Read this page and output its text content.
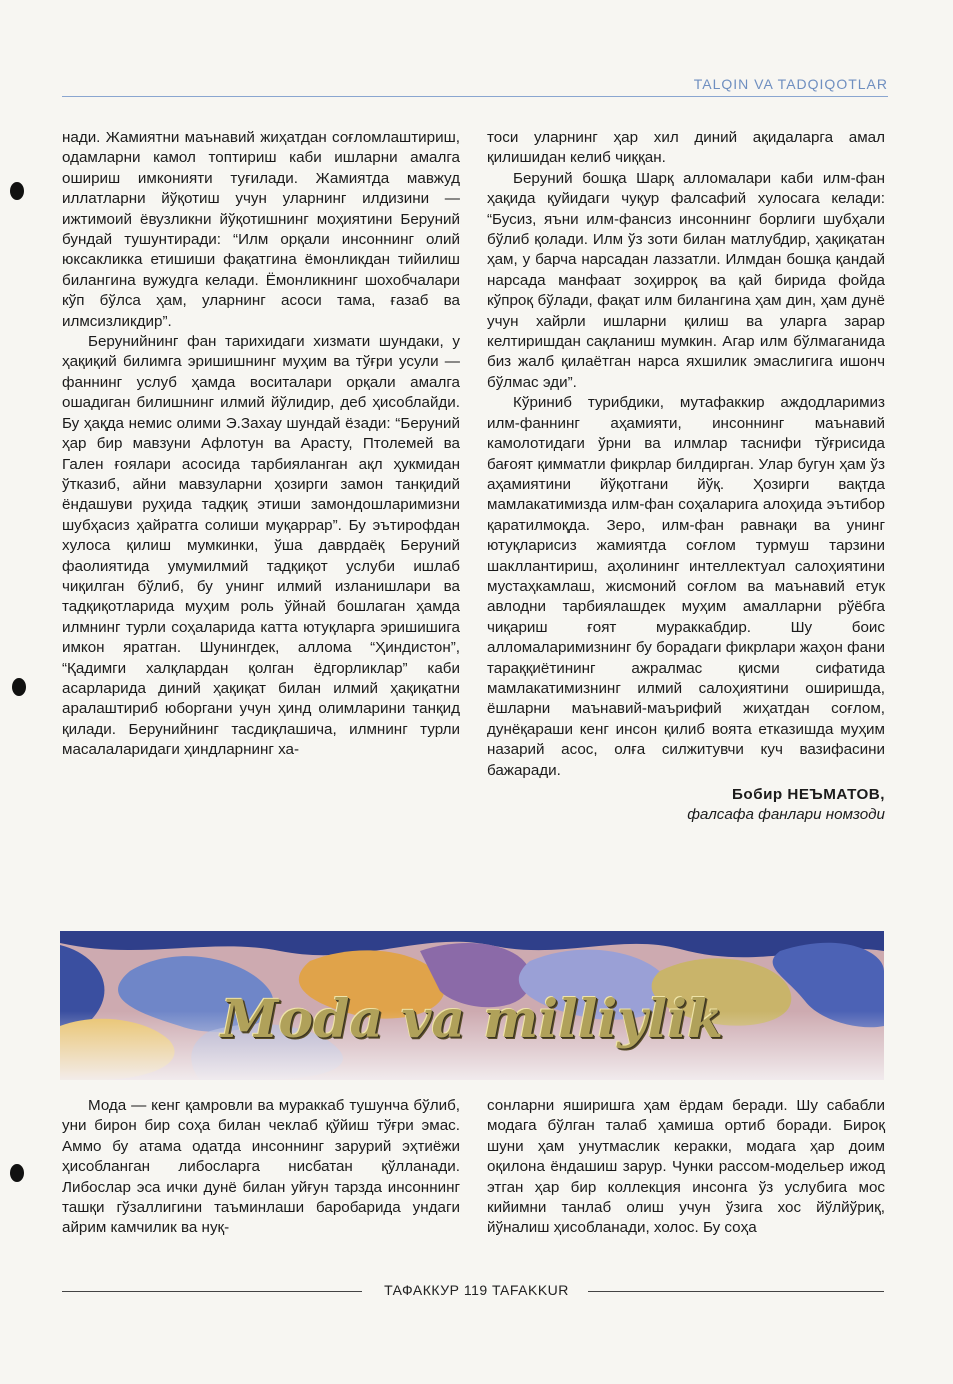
TALQIN VA TADQIQOTLAR

нади. Жамиятни маънавий жиҳатдан соғломлаштириш, одамларни камол топтириш каби ишларни амалга ошириш имконияти туғилади. Жамиятда мавжуд иллатларни йўқотиш учун уларнинг илдизини — ижтимоий ёвузликни йўқотишнинг моҳиятини Беруний бундай тушунтиради: “Илм орқали инсоннинг олий юксакликка етишиши фақатгина ёмонликдан тийилиш билангина вужудга келади. Ёмонликнинг шохобчалари кўп бўлса ҳам, уларнинг асоси тама, ғазаб ва илмсизликдир”.

Берунийнинг фан тарихидаги хизмати шундаки, у ҳақиқий билимга эришишнинг муҳим ва тўғри усули — фаннинг услуб ҳамда воситалари орқали амалга ошадиган билишнинг илмий йўлидир, деб ҳисоблайди. Бу ҳақда немис олими Э.Захау шундай ёзади: “Беруний ҳар бир мавзуни Афлотун ва Арасту, Птолемей ва Гален ғоялари асосида тарбияланган ақл ҳукмидан ўтказиб, айни мавзуларни ҳозирги замон танқидий ёндашуви руҳида тадқиқ этиши замондошларимизни шубҳасиз ҳайратга солиши муқаррар”. Бу эътирофдан хулоса қилиш мумкинки, ўша даврдаёқ Беруний фаолиятида умумилмий тадқиқот услуби ишлаб чиқилган бўлиб, бу унинг илмий изланишлари ва тадқиқотларида муҳим роль ўйнай бошлаган ҳамда илмнинг турли соҳаларида катта ютуқларга эришишига имкон яратган. Шунингдек, аллома “Ҳиндистон”, “Қадимги халқлардан қолган ёдгорликлар” каби асарларида диний ҳақиқат билан илмий ҳақиқатни аралаштириб юборгани учун ҳинд олимларини танқид қилади. Берунийнинг тасдиқлашича, илмнинг турли масалаларидаги ҳиндларнинг ха-

тоси уларнинг ҳар хил диний ақидаларга амал қилишидан келиб чиққан.

Беруний бошқа Шарқ алломалари каби илм-фан ҳақида қуйидаги чуқур фалсафий хулосага келади: “Бусиз, яъни илм-фансиз инсоннинг борлиги шубҳали бўлиб қолади. Илм ўз зоти билан матлубдир, ҳақиқатан ҳам, у барча нарсадан лаззатли. Илмдан бошқа қандай нарсада манфаат зоҳирроқ ва қай бирида фойда кўпроқ бўлади, фақат илм билангина ҳам дин, ҳам дунё учун хайрли ишларни қилиш ва уларга зарар келтиришдан сақланиш мумкин. Агар илм бўлмаганида биз жалб қилаётган нарса яхшилик эмаслигига ишонч бўлмас эди”.

Кўриниб турибдики, мутафаккир аждодларимиз илм-фаннинг аҳамияти, инсоннинг маънавий камолотидаги ўрни ва илмлар таснифи тўғрисида бағоят қимматли фикрлар билдирган. Улар бугун ҳам ўз аҳамиятини йўқотгани йўқ. Ҳозирги вақтда мамлакатимизда илм-фан соҳаларига алоҳида эътибор қаратилмоқда. Зеро, илм-фан равнақи ва унинг ютуқларисиз жамиятда соғлом турмуш тарзини шакллантириш, аҳолининг интеллектуал салоҳиятини мустаҳкамлаш, жисмоний соғлом ва маънавий етук авлодни тарбиялашдек муҳим амалларни рўёбга чиқариш ғоят мураккабдир. Шу боис алломаларимизнинг бу борадаги фикрлари жаҳон фани тараққиётининг ажралмас қисми сифатида мамлакатимизнинг илмий салоҳиятини оширишда, ёшларни маънавий-маърифий жиҳатдан соғлом, дунёқараши кенг инсон қилиб воята етказишда муҳим назарий асос, олға силжитувчи куч вазифасини бажаради.

Бобир НЕЪМАТОВ,

фалсафа фанлари номзоди

Moda va milliylik

Мода — кенг қамровли ва мураккаб тушунча бўлиб, уни бирон бир соҳа билан чеклаб қўйиш тўғри эмас. Аммо бу атама одатда инсоннинг зарурий эҳтиёжи ҳисобланган либосларга нисбатан қўлланади. Либослар эса ички дунё билан уйғун тарзда инсоннинг ташқи гўзаллигини таъминлаши баробарида ундаги айрим камчилик ва нуқ-

сонларни яширишга ҳам ёрдам беради. Шу сабабли модага бўлган талаб ҳамиша ортиб боради. Бироқ шуни ҳам унутмаслик керакки, модага ҳар доим оқилона ёндашиш зарур. Чунки рассом-модельер ижод этган ҳар бир коллекция инсонга ўз услубига мос кийимни танлаб олиш учун ўзига хос йўлйўриқ, йўналиш ҳисобланади, холос. Бу соҳа

ТАФАККУР 119 TAFAKKUR
